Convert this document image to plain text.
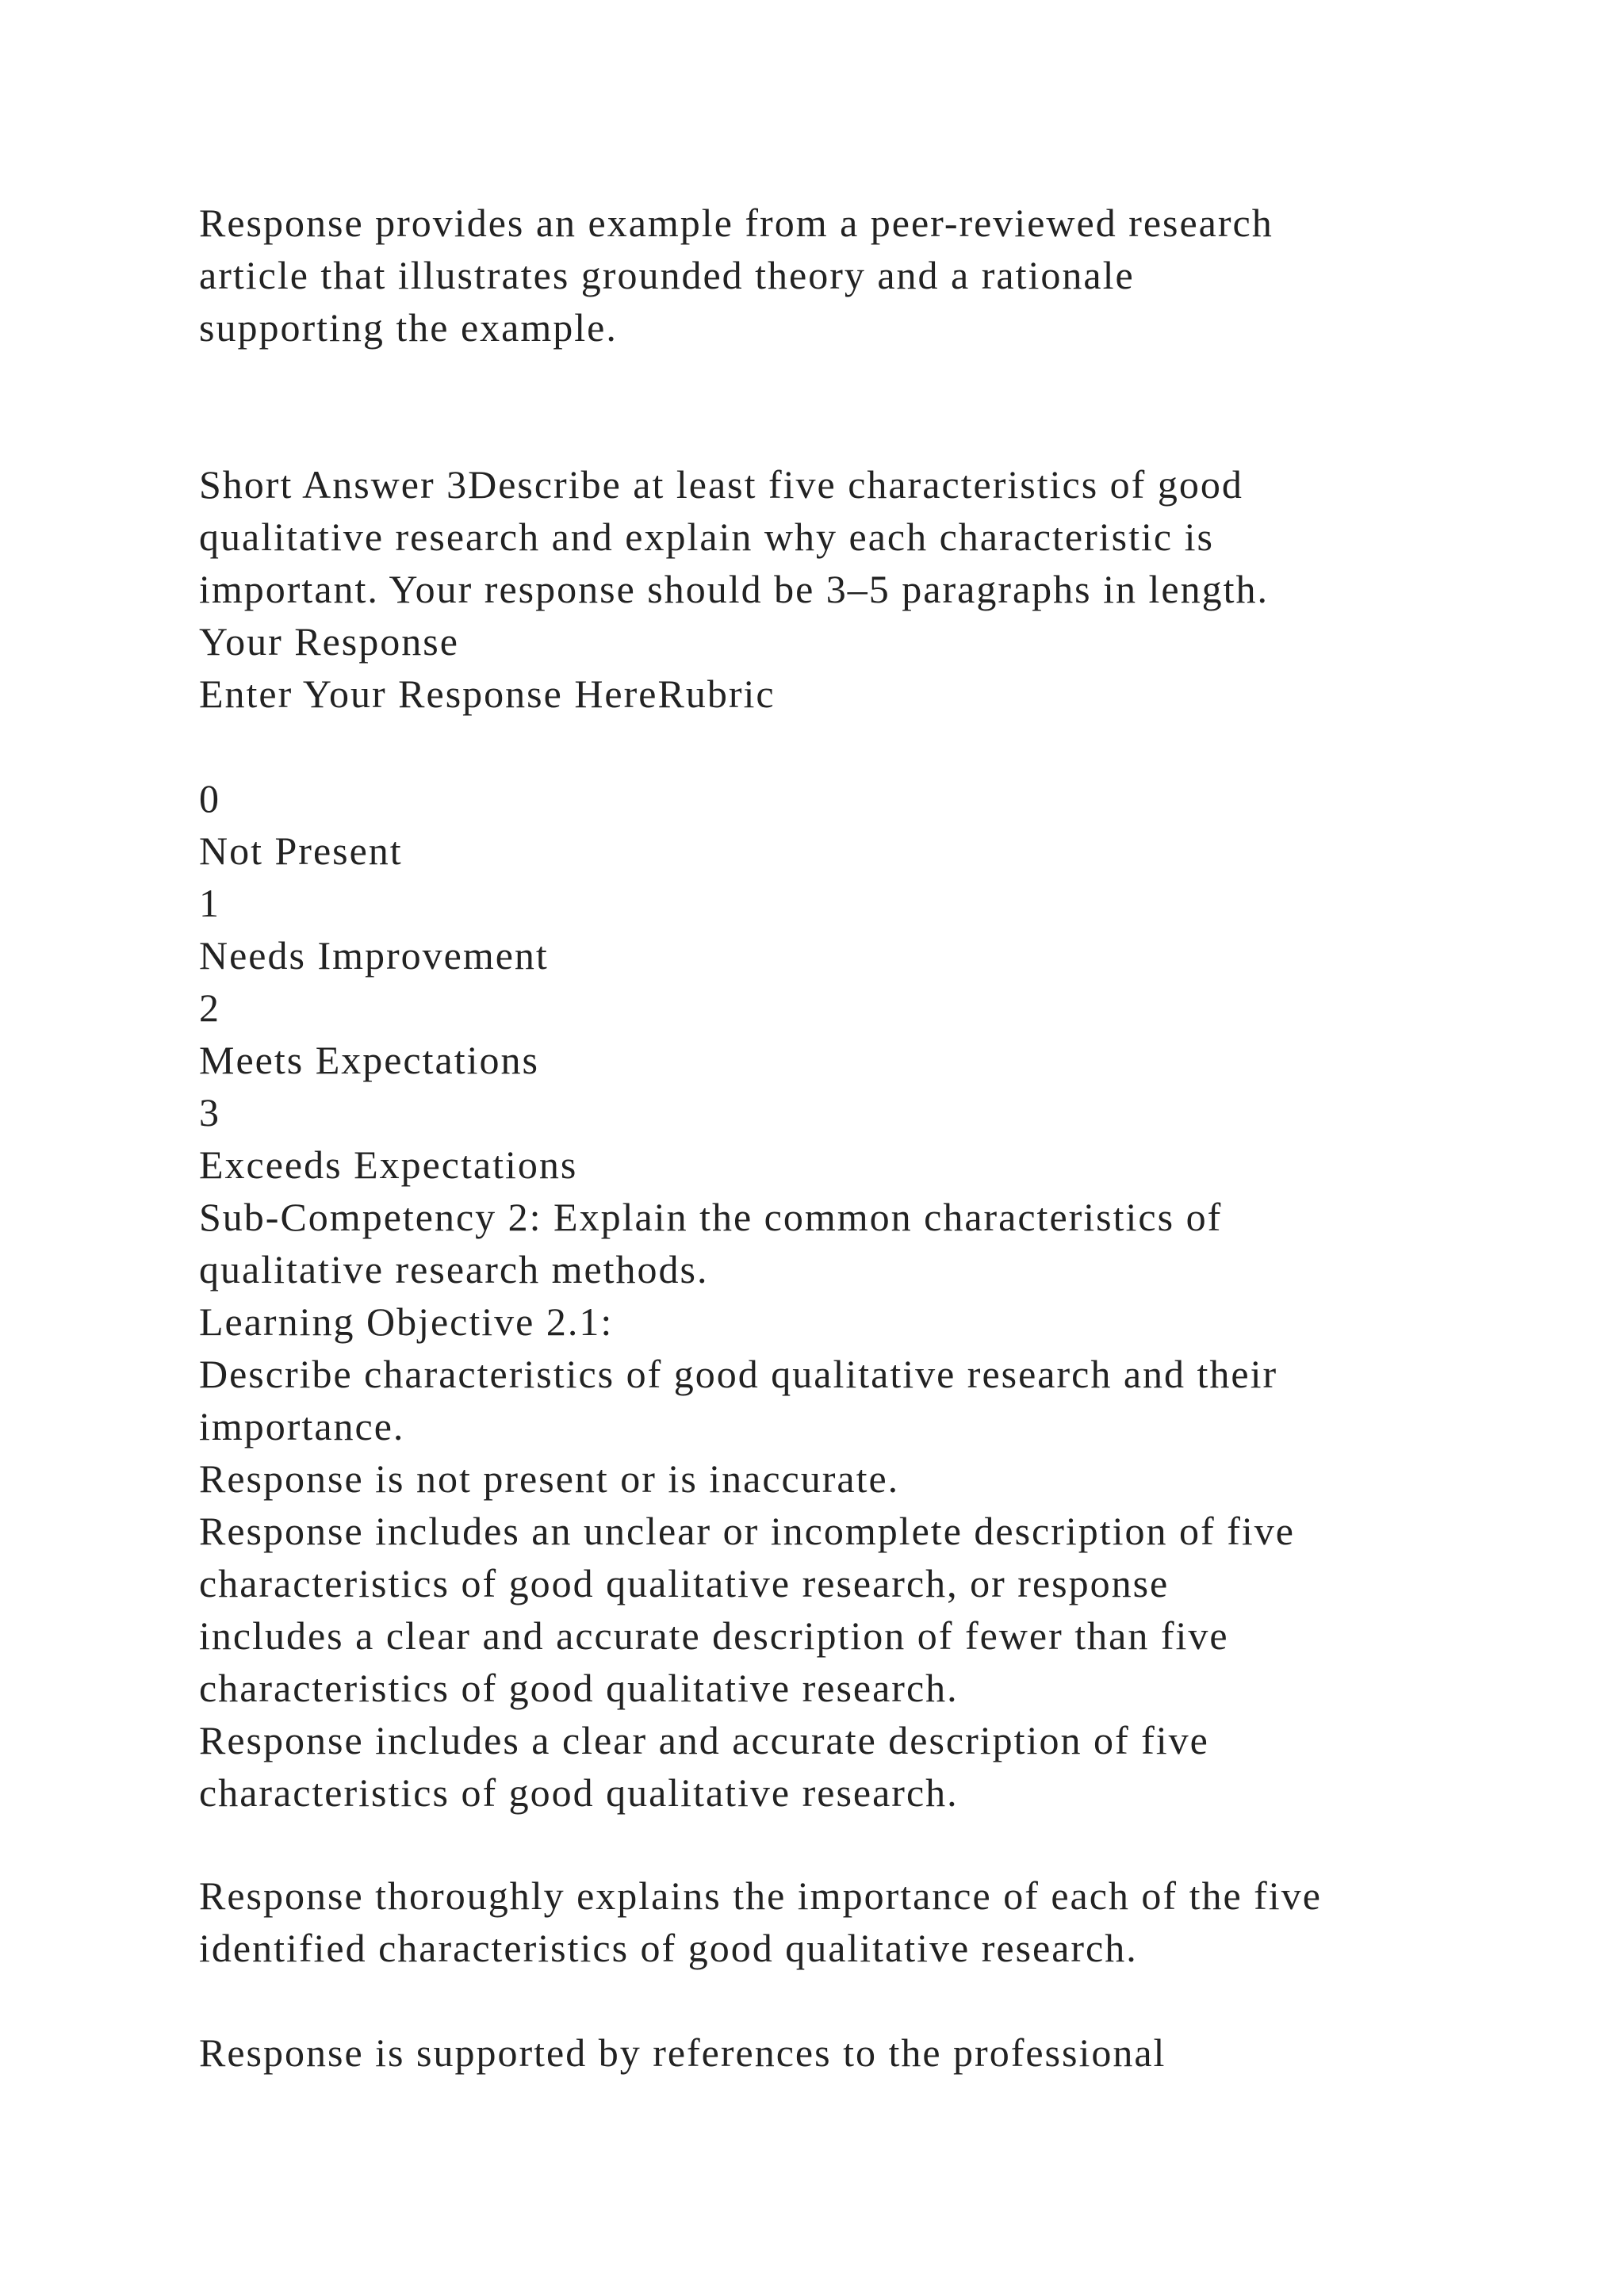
Response provides an example from a peer-reviewed research
article that illustrates grounded theory and a rationale
supporting the example.
Short Answer 3Describe at least five characteristics of good
qualitative research and explain why each characteristic is
important. Your response should be 3–5 paragraphs in length.
Your Response
Enter Your Response HereRubric
0
Not Present
1
Needs Improvement
2
Meets Expectations
3
Exceeds Expectations
Sub-Competency 2: Explain the common characteristics of
qualitative research methods.
Learning Objective 2.1:
Describe characteristics of good qualitative research and their
importance.
Response is not present or is inaccurate.
Response includes an unclear or incomplete description of five
characteristics of good qualitative research, or response
includes a clear and accurate description of fewer than five
characteristics of good qualitative research.
Response includes a clear and accurate description of five
characteristics of good qualitative research.
Response thoroughly explains the importance of each of the five
identified characteristics of good qualitative research.
Response is supported by references to the professional
